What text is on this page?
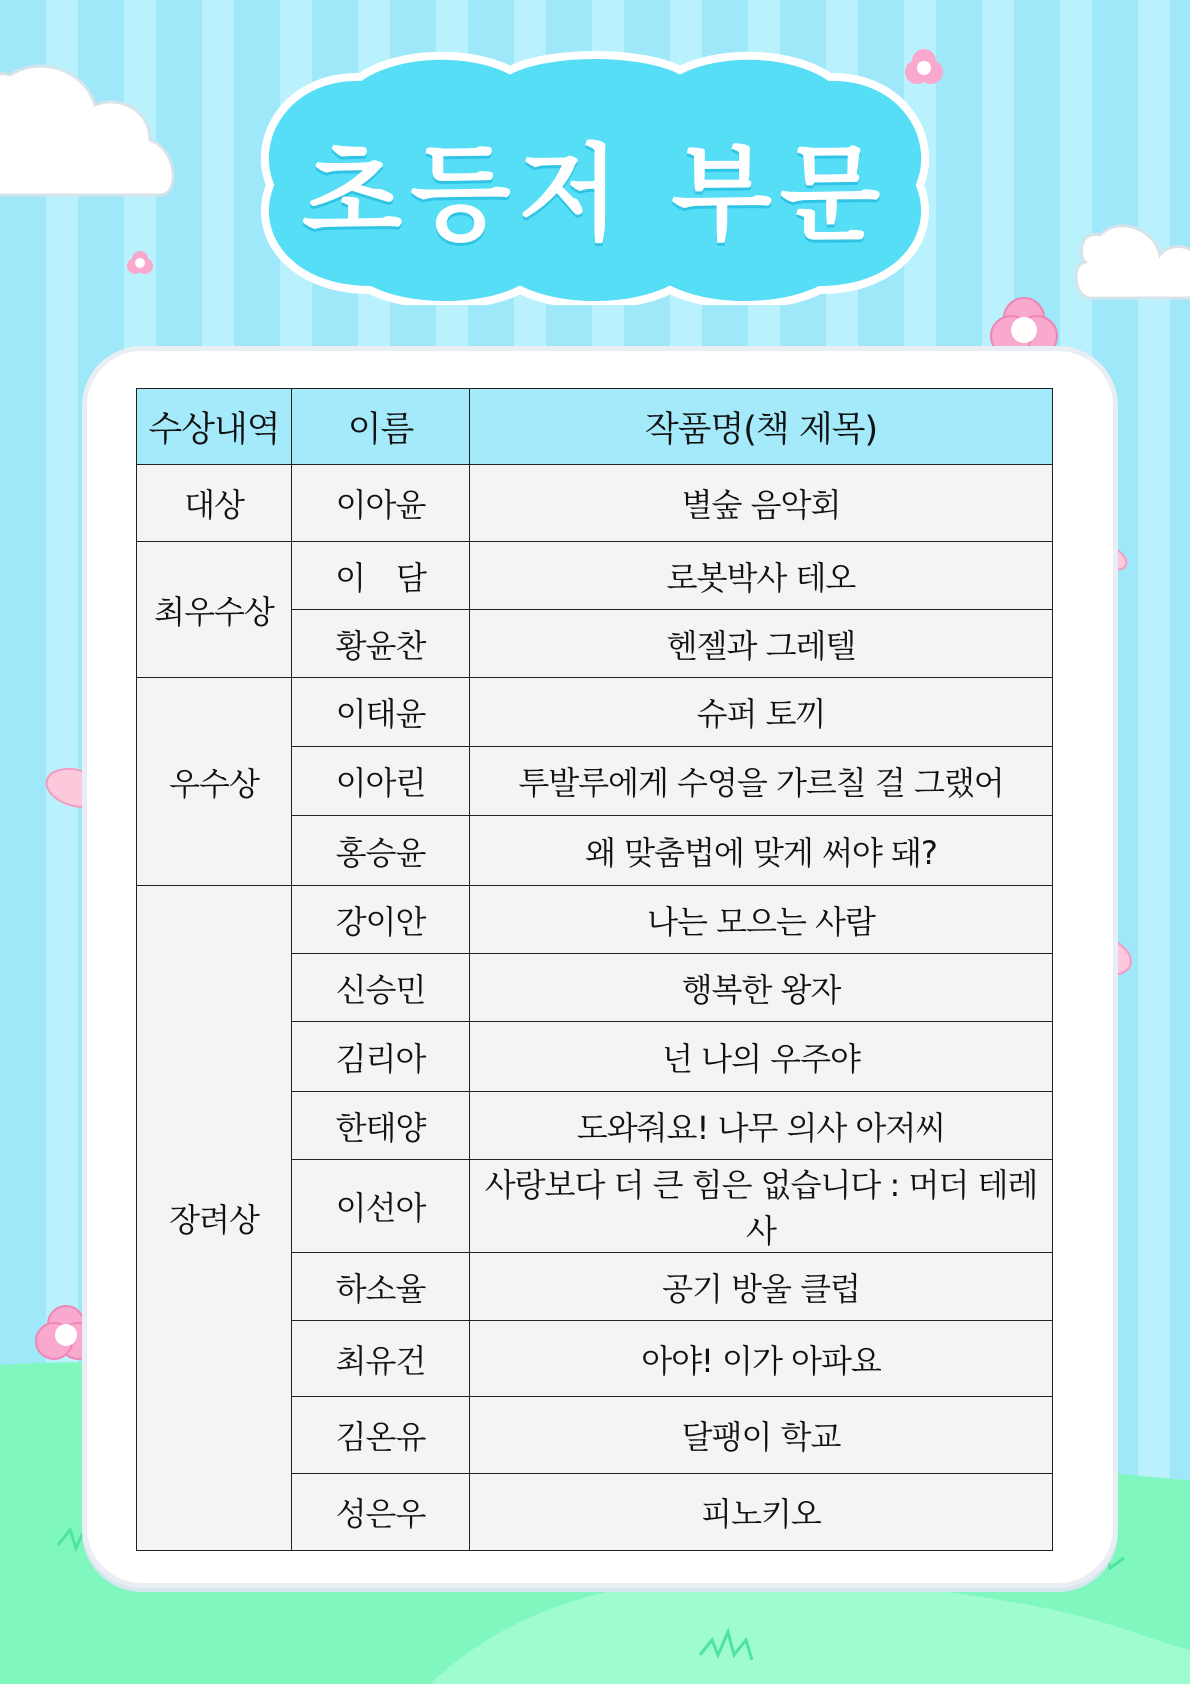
초등저 부문
수상내역	이름	작품명(책 제목)
대상	이아윤	별숲 음악회
최우수상	이　담	로봇박사 테오
	황윤찬	헨젤과 그레텔
우수상	이태윤	슈퍼 토끼
	이아린	투발루에게 수영을 가르칠 걸 그랬어
	홍승윤	왜 맞춤법에 맞게 써야 돼?
장려상	강이안	나는 모으는 사람
	신승민	행복한 왕자
	김리아	넌 나의 우주야
	한태양	도와줘요! 나무 의사 아저씨
	이선아	사랑보다 더 큰 힘은 없습니다 : 머더 테레사
	하소율	공기 방울 클럽
	최유건	아야! 이가 아파요
	김온유	달팽이 학교
	성은우	피노키오
